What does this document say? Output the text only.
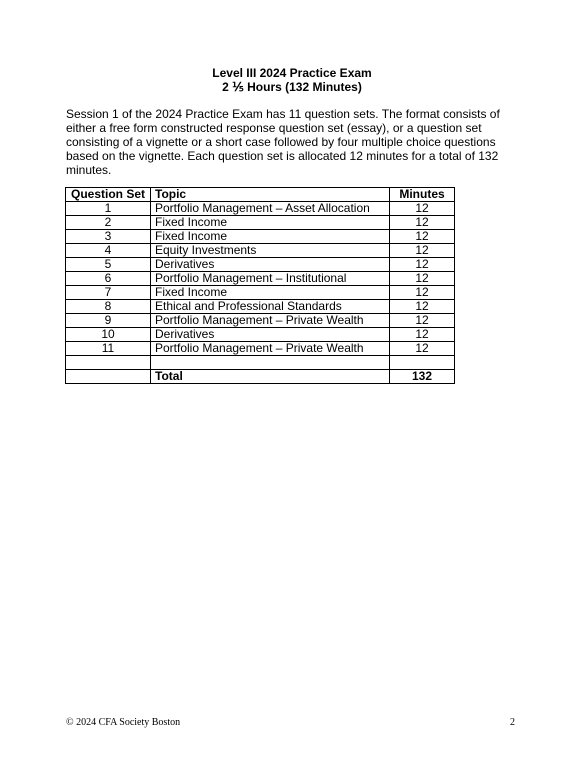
Level III 2024 Practice Exam
2 ⅕ Hours (132 Minutes)
Session 1 of the 2024 Practice Exam has 11 question sets. The format consists of either a free form constructed response question set (essay), or a question set consisting of a vignette or a short case followed by four multiple choice questions based on the vignette. Each question set is allocated 12 minutes for a total of 132 minutes.
Question Set	Topic	Minutes
1	Portfolio Management – Asset Allocation	12
2	Fixed Income	12
3	Fixed Income	12
4	Equity Investments	12
5	Derivatives	12
6	Portfolio Management – Institutional	12
7	Fixed Income	12
8	Ethical and Professional Standards	12
9	Portfolio Management – Private Wealth	12
10	Derivatives	12
11	Portfolio Management – Private Wealth	12

	Total	132
© 2024 CFA Society Boston	2
